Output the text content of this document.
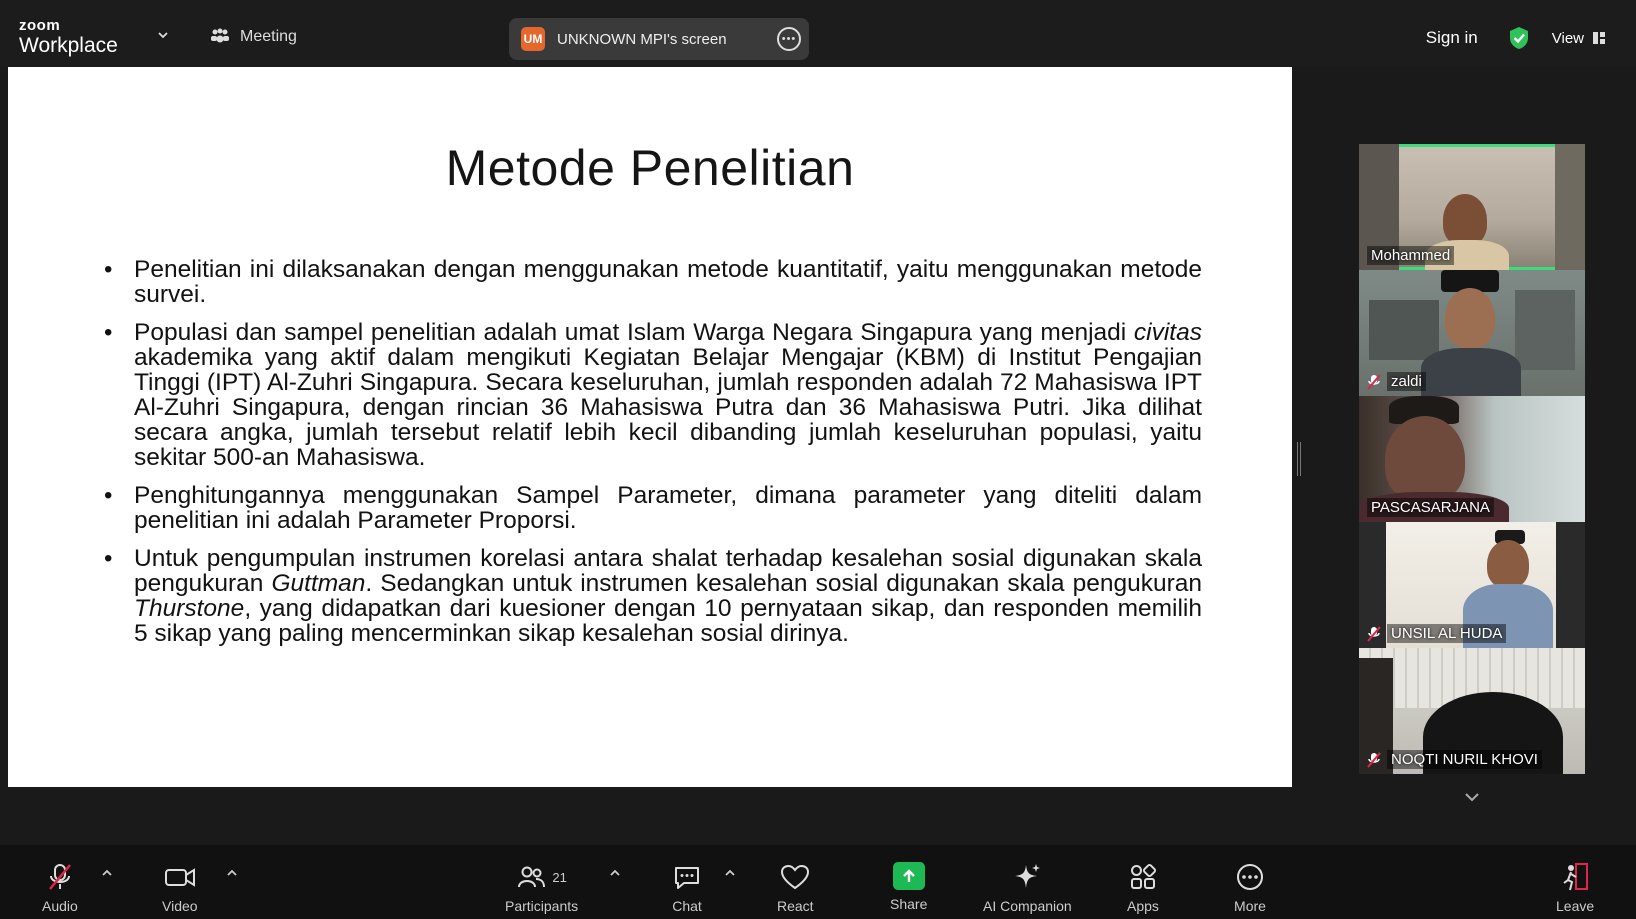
zoom
Workplace	Meeting	UM UNKNOWN MPI's screen	•••	Sign in	View
Metode Penelitian
• Penelitian ini dilaksanakan dengan menggunakan metode kuantitatif, yaitu menggunakan metode survei.
• Populasi dan sampel penelitian adalah umat Islam Warga Negara Singapura yang menjadi civitas akademika yang aktif dalam mengikuti Kegiatan Belajar Mengajar (KBM) di Institut Pengajian Tinggi (IPT) Al-Zuhri Singapura. Secara keseluruhan, jumlah responden adalah 72 Mahasiswa IPT Al-Zuhri Singapura, dengan rincian 36 Mahasiswa Putra dan 36 Mahasiswa Putri. Jika dilihat secara angka, jumlah tersebut relatif lebih kecil dibanding jumlah keseluruhan populasi, yaitu sekitar 500-an Mahasiswa.
• Penghitungannya menggunakan Sampel Parameter, dimana parameter yang diteliti dalam penelitian ini adalah Parameter Proporsi.
• Untuk pengumpulan instrumen korelasi antara shalat terhadap kesalehan sosial digunakan skala pengukuran Guttman. Sedangkan untuk instrumen kesalehan sosial digunakan skala pengukuran Thurstone, yang didapatkan dari kuesioner dengan 10 pernyataan sikap, dan responden memilih 5 sikap yang paling mencerminkan sikap kesalehan sosial dirinya.
Mohammed
zaldi
PASCASARJANA
UNSIL AL HUDA
NOQTI NURIL KHOVI
Audio	Video
21
Participants	Chat	React	Share	AI Companion	Apps	More	Leave
